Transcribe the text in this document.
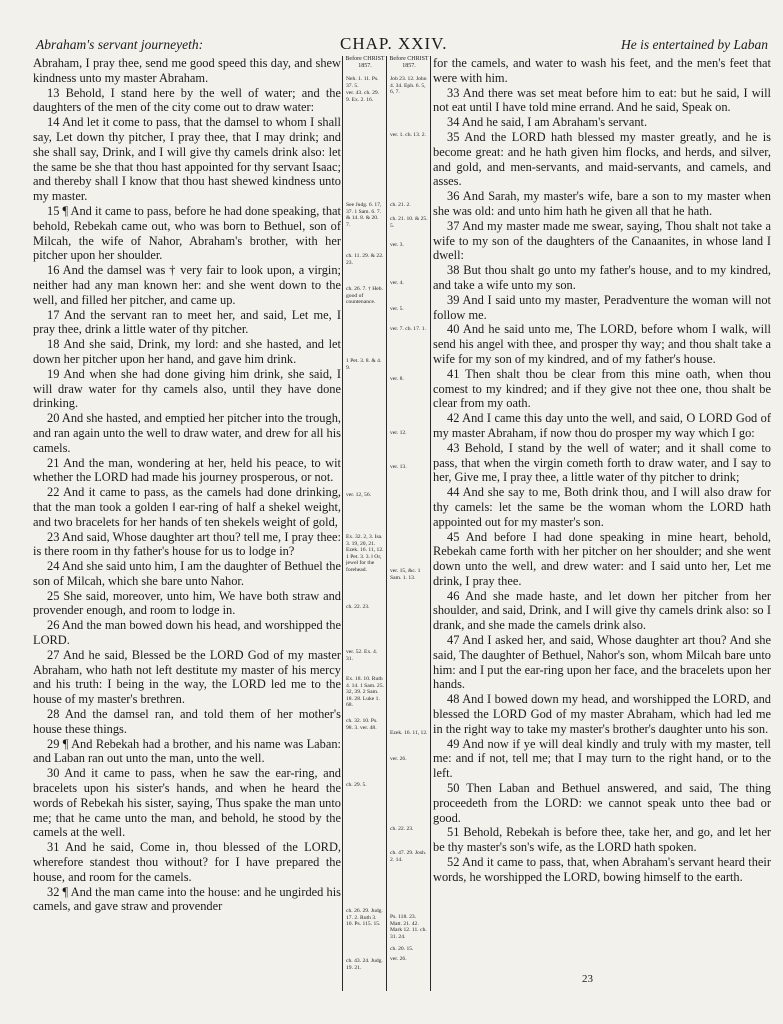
Abraham's servant journeyeth:	CHAP. XXIV.	He is entertained by Laban

Abraham, I pray thee, send me good speed this day, and shew kindness unto my master Abraham.

13 Behold, I stand here by the well of water; and the daughters of the men of the city come out to draw water:

14 And let it come to pass, that the damsel to whom I shall say, Let down thy pitcher, I pray thee, that I may drink; and she shall say, Drink, and I will give thy camels drink also: let the same be she that thou hast appointed for thy servant Isaac; and thereby shall I know that thou hast shewed kindness unto my master.

15 ¶ And it came to pass, before he had done speaking, that behold, Rebekah came out, who was born to Bethuel, son of Milcah, the wife of Nahor, Abraham's brother, with her pitcher upon her shoulder.

16 And the damsel was † very fair to look upon, a virgin; neither had any man known her: and she went down to the well, and filled her pitcher, and came up.

17 And the servant ran to meet her, and said, Let me, I pray thee, drink a little water of thy pitcher.

18 And she said, Drink, my lord: and she hasted, and let down her pitcher upon her hand, and gave him drink.

19 And when she had done giving him drink, she said, I will draw water for thy camels also, until they have done drinking.

20 And she hasted, and emptied her pitcher into the trough, and ran again unto the well to draw water, and drew for all his camels.

21 And the man, wondering at her, held his peace, to wit whether the LORD had made his journey prosperous, or not.

22 And it came to pass, as the camels had done drinking, that the man took a golden ‖ ear-ring of half a shekel weight, and two bracelets for her hands of ten shekels weight of gold,

23 And said, Whose daughter art thou? tell me, I pray thee: is there room in thy father's house for us to lodge in?

24 And she said unto him, I am the daughter of Bethuel the son of Milcah, which she bare unto Nahor.

25 She said, moreover, unto him, We have both straw and provender enough, and room to lodge in.

26 And the man bowed down his head, and worshipped the LORD.

27 And he said, Blessed be the LORD God of my master Abraham, who hath not left destitute my master of his mercy and his truth: I being in the way, the LORD led me to the house of my master's brethren.

28 And the damsel ran, and told them of her mother's house these things.

29 ¶ And Rebekah had a brother, and his name was Laban: and Laban ran out unto the man, unto the well.

30 And it came to pass, when he saw the ear-ring, and bracelets upon his sister's hands, and when he heard the words of Rebekah his sister, saying, Thus spake the man unto me; that he came unto the man, and behold, he stood by the camels at the well.

31 And he said, Come in, thou blessed of the LORD, wherefore standest thou without? for I have prepared the house, and room for the camels.

32 ¶ And the man came into the house: and he ungirded his camels, and gave straw and provender

Before CHRIST 1857.
Neh. 1. 11. Ps. 37. 5.
ver. 43. ch. 29. 9. Ex. 2. 16.
See Judg. 6. 17, 37. 1 Sam. 6. 7. & 14. 8. & 20. 7.
ch. 11. 29. & 22. 23.
ch. 26. 7. † Heb. good of countenance.
1 Pet. 3. 8. & 4. 9.
ver. 12, 56.
Ex. 32. 2, 3. Isa. 3. 19, 20, 21. Ezek. 16. 11, 12. 1 Pet. 3. 3. ‖ Or, jewel for the forehead.
ch. 22. 23.
ver. 52. Ex. 4. 31.
Ex. 18. 10. Ruth 4. 14. 1 Sam. 25. 32, 39. 2 Sam. 18. 28. Luke 1. 68.
ch. 32. 10. Ps. 98. 3. ver. 48.
ch. 29. 5.
ch. 26. 29. Judg. 17. 2. Ruth 3. 10. Ps. 115. 15.
ch. 43. 24. Judg. 19. 21.
Before CHRIST 1857.
Job 23. 12. John 4. 34. Eph. 6. 5, 6, 7.
ver. 1. ch. 13. 2.
ch. 21. 2.
ch. 21. 10. & 25. 5.
ver. 3.
ver. 4.
ver. 5.
ver. 7. ch. 17. 1.
ver. 8.
ver. 12.
ver. 13.
ver. 15, &c. 1 Sam. 1. 13.
Ezek. 16. 11, 12.
ver. 26.
ch. 22. 23.
ch. 47. 29. Josh. 2. 14.
Ps. 118. 23. Matt. 21. 42. Mark 12. 11. ch. 31. 24.
ch. 20. 15.
ver. 26.

for the camels, and water to wash his feet, and the men's feet that were with him.

33 And there was set meat before him to eat: but he said, I will not eat until I have told mine errand. And he said, Speak on.

34 And he said, I am Abraham's servant.

35 And the LORD hath blessed my master greatly, and he is become great: and he hath given him flocks, and herds, and silver, and gold, and men-servants, and maid-servants, and camels, and asses.

36 And Sarah, my master's wife, bare a son to my master when she was old: and unto him hath he given all that he hath.

37 And my master made me swear, saying, Thou shalt not take a wife to my son of the daughters of the Canaanites, in whose land I dwell:

38 But thou shalt go unto my father's house, and to my kindred, and take a wife unto my son.

39 And I said unto my master, Peradventure the woman will not follow me.

40 And he said unto me, The LORD, before whom I walk, will send his angel with thee, and prosper thy way; and thou shalt take a wife for my son of my kindred, and of my father's house.

41 Then shalt thou be clear from this mine oath, when thou comest to my kindred; and if they give not thee one, thou shalt be clear from my oath.

42 And I came this day unto the well, and said, O LORD God of my master Abraham, if now thou do prosper my way which I go:

43 Behold, I stand by the well of water; and it shall come to pass, that when the virgin cometh forth to draw water, and I say to her, Give me, I pray thee, a little water of thy pitcher to drink;

44 And she say to me, Both drink thou, and I will also draw for thy camels: let the same be the woman whom the LORD hath appointed out for my master's son.

45 And before I had done speaking in mine heart, behold, Rebekah came forth with her pitcher on her shoulder; and she went down unto the well, and drew water: and I said unto her, Let me drink, I pray thee.

46 And she made haste, and let down her pitcher from her shoulder, and said, Drink, and I will give thy camels drink also: so I drank, and she made the camels drink also.

47 And I asked her, and said, Whose daughter art thou? And she said, The daughter of Bethuel, Nahor's son, whom Milcah bare unto him: and I put the ear-ring upon her face, and the bracelets upon her hands.

48 And I bowed down my head, and worshipped the LORD, and blessed the LORD God of my master Abraham, which had led me in the right way to take my master's brother's daughter unto his son.

49 And now if ye will deal kindly and truly with my master, tell me: and if not, tell me; that I may turn to the right hand, or to the left.

50 Then Laban and Bethuel answered, and said, The thing proceedeth from the LORD: we cannot speak unto thee bad or good.

51 Behold, Rebekah is before thee, take her, and go, and let her be thy master's son's wife, as the LORD hath spoken.

52 And it came to pass, that, when Abraham's servant heard their words, he worshipped the LORD, bowing himself to the earth.

23
